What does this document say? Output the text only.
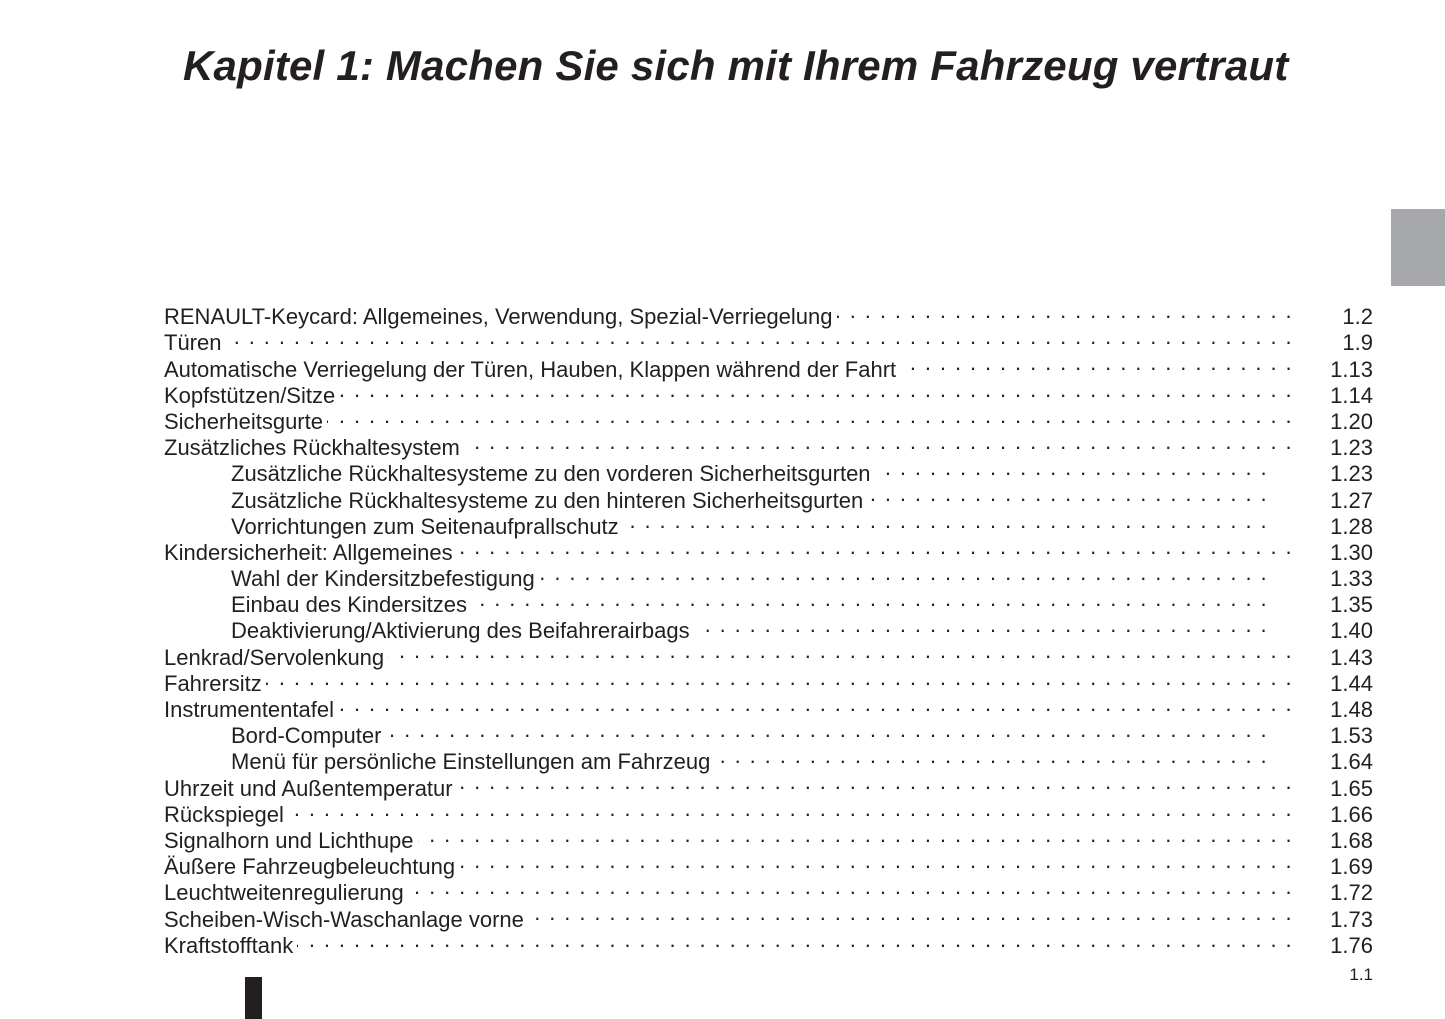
Kapitel 1: Machen Sie sich mit Ihrem Fahrzeug vertraut
RENAULT-Keycard: Allgemeines, Verwendung, Spezial-Verriegelung . . .	1.2
Türen . . .	1.9
Automatische Verriegelung der Türen, Hauben, Klappen während der Fahrt . . .	1.13
Kopfstützen/Sitze . . .	1.14
Sicherheitsgurte . . .	1.20
Zusätzliches Rückhaltesystem . . .	1.23
Zusätzliche Rückhaltesysteme zu den vorderen Sicherheitsgurten . . .	1.23
Zusätzliche Rückhaltesysteme zu den hinteren Sicherheitsgurten . . .	1.27
Vorrichtungen zum Seitenaufprallschutz . . .	1.28
Kindersicherheit: Allgemeines . . .	1.30
Wahl der Kindersitzbefestigung . . .	1.33
Einbau des Kindersitzes . . .	1.35
Deaktivierung/Aktivierung des Beifahrerairbags . . .	1.40
Lenkrad/Servolenkung . . .	1.43
Fahrersitz . . .	1.44
Instrumententafel . . .	1.48
Bord-Computer . . .	1.53
Menü für persönliche Einstellungen am Fahrzeug . . .	1.64
Uhrzeit und Außentemperatur . . .	1.65
Rückspiegel . . .	1.66
Signalhorn und Lichthupe . . .	1.68
Äußere Fahrzeugbeleuchtung . . .	1.69
Leuchtweitenregulierung . . .	1.72
Scheiben-Wisch-Waschanlage vorne . . .	1.73
Kraftstofftank . . .	1.76
1.1
